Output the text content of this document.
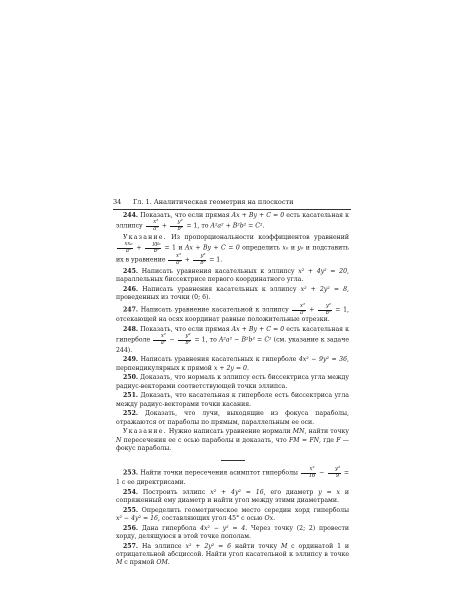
34 Гл. 1. Аналитическая геометрия на плоскости

244. Показать, что если прямая Ax + By + C = 0 есть касательная к эллипсу $\frac{\text{x²}}{\text{a²}} + \frac{\text{y²}}{\text{b²}} = 1$, то A²a² + B²b² = C².

Указание. Из пропорциональности коэффициентов уравнений
$\frac{\text{xx₀}}{\text{a²}} + \frac{\text{yy₀}}{\text{b²}} = 1$ и Ax + By + C = 0 определить x₀ и y₀ и подставить их в уравнение $\frac{\text{x²}}{\text{a²}} + \frac{\text{y²}}{\text{b²}} = 1$.

245. Написать уравнения касательных к эллипсу x² + 4y² = 20, параллельных биссектрисе первого координатного угла.

246. Написать уравнения касательных к эллипсу x² + 2y² = 8, проведенных из точки (0; 6).

247. Написать уравнение касательной к эллипсу $\frac{\text{x²}}{\text{a²}} + \frac{\text{y²}}{\text{b²}} = 1$, отсекающей на осях координат равные положительные отрезки.

248. Показать, что если прямая Ax + By + C = 0 есть касательная к гиперболе $\frac{\text{x²}}{\text{a²}} - \frac{\text{y²}}{\text{b²}} = 1$, то A²a² − B²b² = C² (см. указание к задаче 244).

249. Написать уравнения касательных к гиперболе 4x² − 9y² = 36, перпендикулярных к прямой x + 2y = 0.

250. Доказать, что нормаль к эллипсу есть биссектриса угла между радиус-векторами соответствующей точки эллипса.

251. Доказать, что касательная к гиперболе есть биссектриса угла между радиус-векторами точки касания.

252. Доказать, что лучи, выходящие из фокуса параболы, отражаются от параболы по прямым, параллельным ее оси.

Указание. Нужно написать уравнение нормали MN, найти точку N пересечения ее с осью параболы и доказать, что FM = FN, где F — фокус параболы.

253. Найти точки пересечения асимптот гиперболы $\frac{\text{x²}}{16} - \frac{\text{y²}}{9} = 1$ с ее директрисами.

254. Построить эллипс x² + 4y² = 16, его диаметр y = x и сопряженный ему диаметр и найти угол между этими диаметрами.

255. Определить геометрическое место середин хорд гиперболы x² − 4y² = 16, составляющих угол 45° с осью Ox.

256. Дана гипербола 4x² − y² = 4. Через точку (2; 2) провести хорду, делящуюся в этой точке пополам.

257. На эллипсе x² + 2y² = 6 найти точку M с ординатой 1 и отрицательной абсциссой. Найти угол касательной к эллипсу в точке M с прямой OM.
